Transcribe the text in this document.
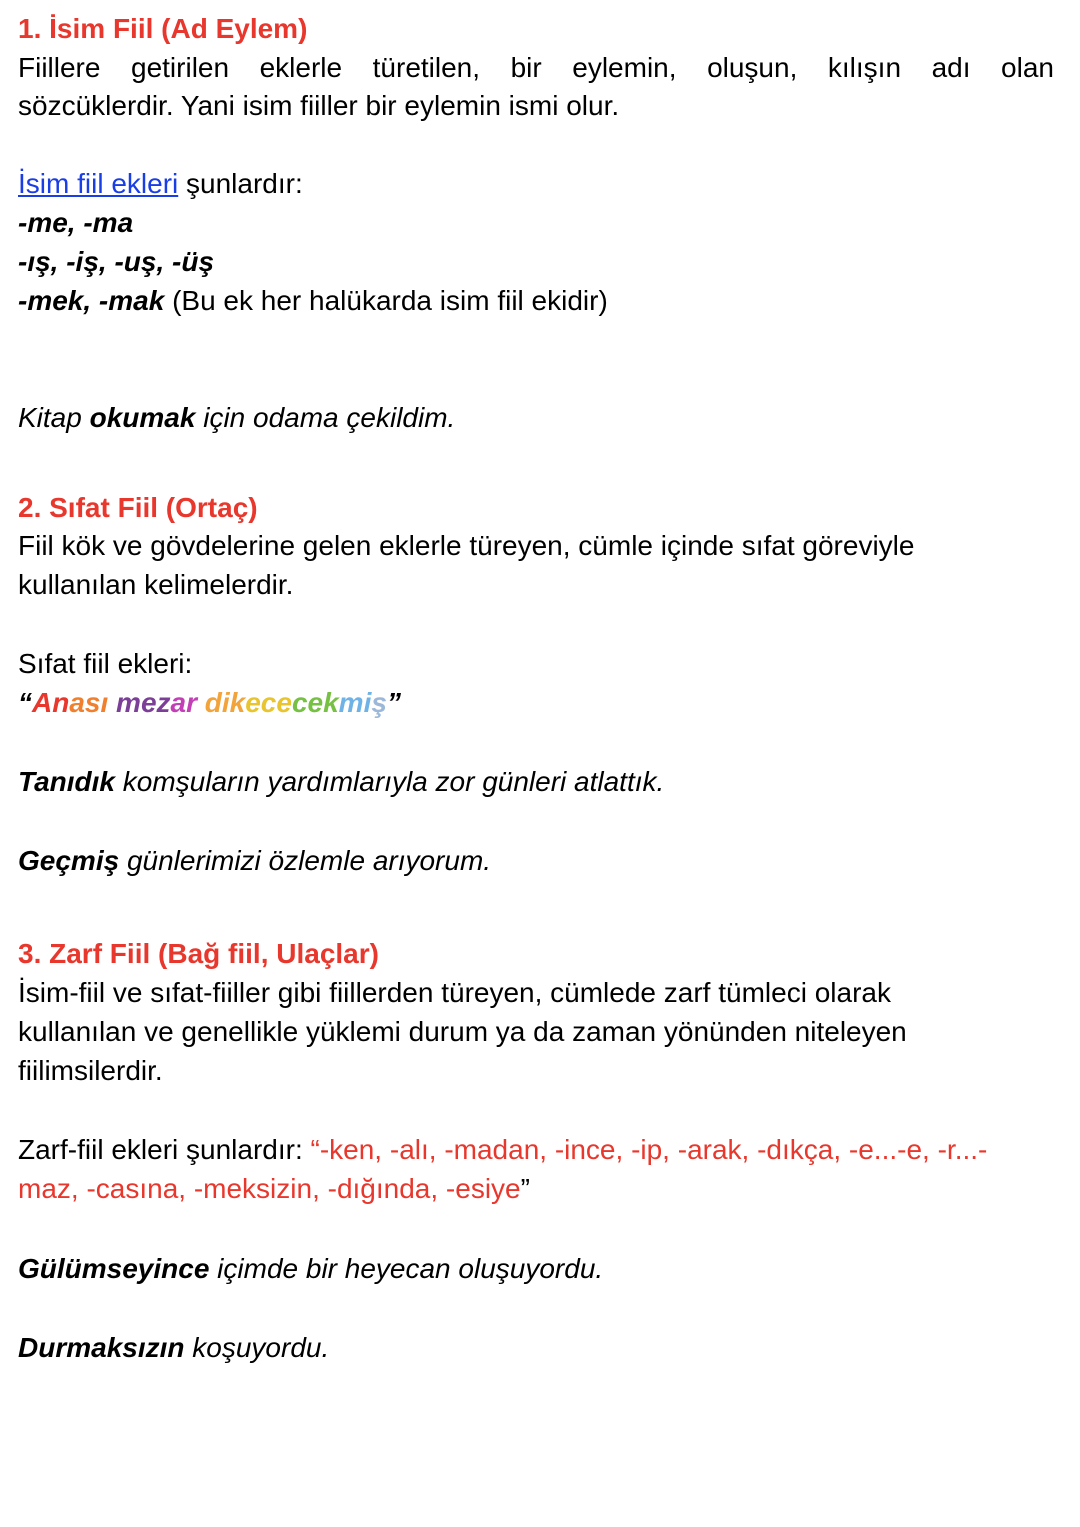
1. İsim Fiil (Ad Eylem)
Fiillere getirilen eklerle türetilen, bir eylemin, oluşun, kılışın adı olan
sözcüklerdir. Yani isim fiiller bir eylemin ismi olur.
İsim fiil ekleri şunlardır:
-me, -ma
-ış, -iş, -uş, -üş
-mek, -mak (Bu ek her halükarda isim fiil ekidir)
Kitap okumak için odama çekildim.
2. Sıfat Fiil (Ortaç)
Fiil kök ve gövdelerine gelen eklerle türeyen, cümle içinde sıfat göreviyle
kullanılan kelimelerdir.
Sıfat fiil ekleri:
“Anası mezar dikececekmiş”
Tanıdık komşuların yardımlarıyla zor günleri atlattık.
Geçmiş günlerimizi özlemle arıyorum.
3. Zarf Fiil (Bağ fiil, Ulaçlar)
İsim-fiil ve sıfat-fiiller gibi fiillerden türeyen, cümlede zarf tümleci olarak
kullanılan ve genellikle yüklemi durum ya da zaman yönünden niteleyen
fiilimsilerdir.
Zarf-fiil ekleri şunlardır: “-ken, -alı, -madan, -ince, -ip, -arak, -dıkça, -e...-e, -r...-
maz, -casına, -meksizin, -dığında, -esiye”
Gülümseyince içimde bir heyecan oluşuyordu.
Durmaksızın koşuyordu.
